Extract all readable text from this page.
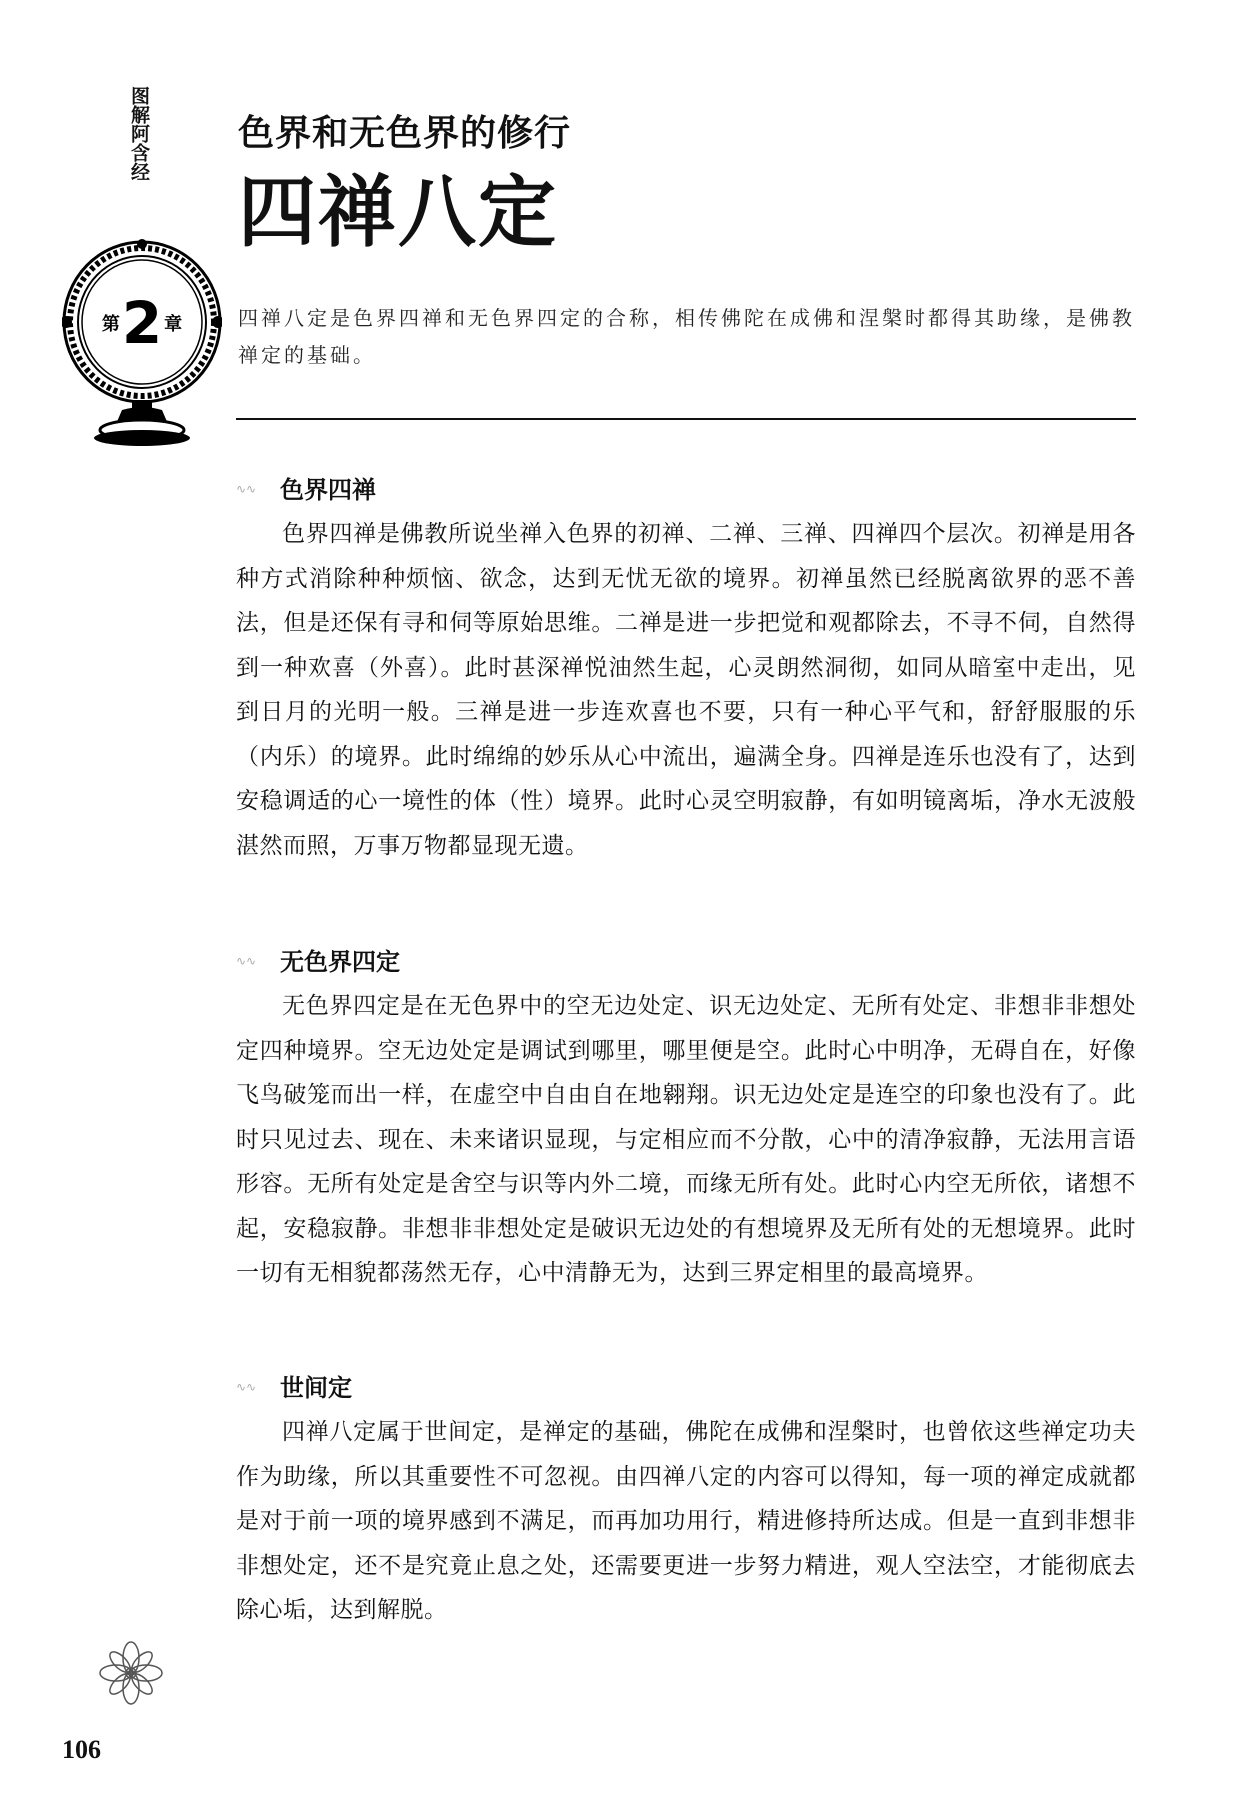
图解阿含经
第 2 章
色界和无色界的修行
四禅八定
四禅八定是色界四禅和无色界四定的合称，相传佛陀在成佛和涅槃时都得其助缘，是佛教禅定的基础。
∿∿ 色界四禅

色界四禅是佛教所说坐禅入色界的初禅、二禅、三禅、四禅四个层次。初禅是用各种方式消除种种烦恼、欲念，达到无忧无欲的境界。初禅虽然已经脱离欲界的恶不善法，但是还保有寻和伺等原始思维。二禅是进一步把觉和观都除去，不寻不伺，自然得到一种欢喜（外喜）。此时甚深禅悦油然生起，心灵朗然洞彻，如同从暗室中走出，见到日月的光明一般。三禅是进一步连欢喜也不要，只有一种心平气和，舒舒服服的乐（内乐）的境界。此时绵绵的妙乐从心中流出，遍满全身。四禅是连乐也没有了，达到安稳调适的心一境性的体（性）境界。此时心灵空明寂静，有如明镜离垢，净水无波般湛然而照，万事万物都显现无遗。

∿∿ 无色界四定

无色界四定是在无色界中的空无边处定、识无边处定、无所有处定、非想非非想处定四种境界。空无边处定是调试到哪里，哪里便是空。此时心中明净，无碍自在，好像飞鸟破笼而出一样，在虚空中自由自在地翱翔。识无边处定是连空的印象也没有了。此时只见过去、现在、未来诸识显现，与定相应而不分散，心中的清净寂静，无法用言语形容。无所有处定是舍空与识等内外二境，而缘无所有处。此时心内空无所依，诸想不起，安稳寂静。非想非非想处定是破识无边处的有想境界及无所有处的无想境界。此时一切有无相貌都荡然无存，心中清静无为，达到三界定相里的最高境界。

∿∿ 世间定

四禅八定属于世间定，是禅定的基础，佛陀在成佛和涅槃时，也曾依这些禅定功夫作为助缘，所以其重要性不可忽视。由四禅八定的内容可以得知，每一项的禅定成就都是对于前一项的境界感到不满足，而再加功用行，精进修持所达成。但是一直到非想非非想处定，还不是究竟止息之处，还需要更进一步努力精进，观人空法空，才能彻底去除心垢，达到解脱。

106
